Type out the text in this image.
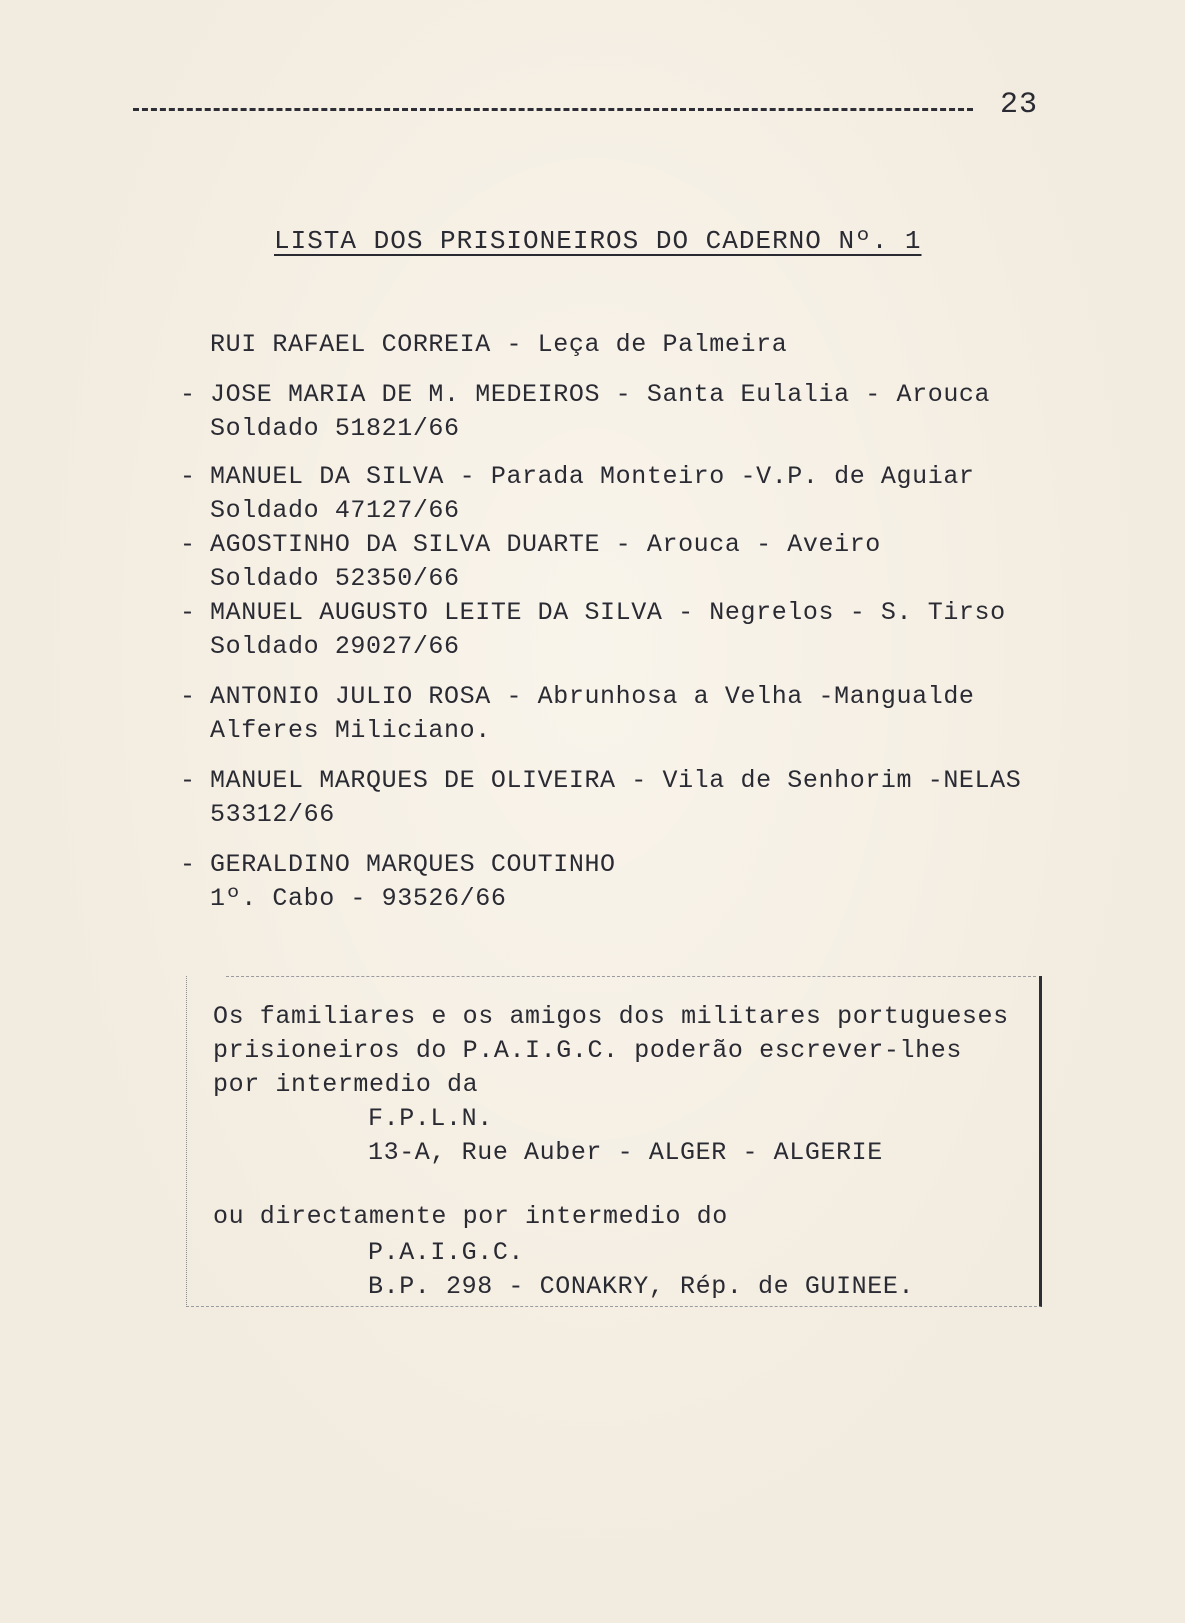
23
LISTA DOS PRISIONEIROS DO CADERNO Nº. 1
RUI RAFAEL CORREIA - Leça de Palmeira
- JOSE MARIA DE M. MEDEIROS - Santa Eulalia - Arouca
Soldado 51821/66
- MANUEL DA SILVA - Parada Monteiro -V.P. de Aguiar
Soldado 47127/66
- AGOSTINHO DA SILVA DUARTE - Arouca - Aveiro
Soldado 52350/66
- MANUEL AUGUSTO LEITE DA SILVA - Negrelos - S. Tirso
Soldado 29027/66
- ANTONIO JULIO ROSA - Abrunhosa a Velha -Mangualde
Alferes Miliciano.
- MANUEL MARQUES DE OLIVEIRA - Vila de Senhorim -NELAS
53312/66
- GERALDINO MARQUES COUTINHO
1º. Cabo - 93526/66
Os familiares e os amigos dos militares portugueses
prisioneiros do P.A.I.G.C. poderão escrever-lhes
por intermedio da
F.P.L.N.
13-A, Rue Auber - ALGER - ALGERIE
ou directamente por intermedio do
P.A.I.G.C.
B.P. 298 - CONAKRY, Rép. de GUINEE.
